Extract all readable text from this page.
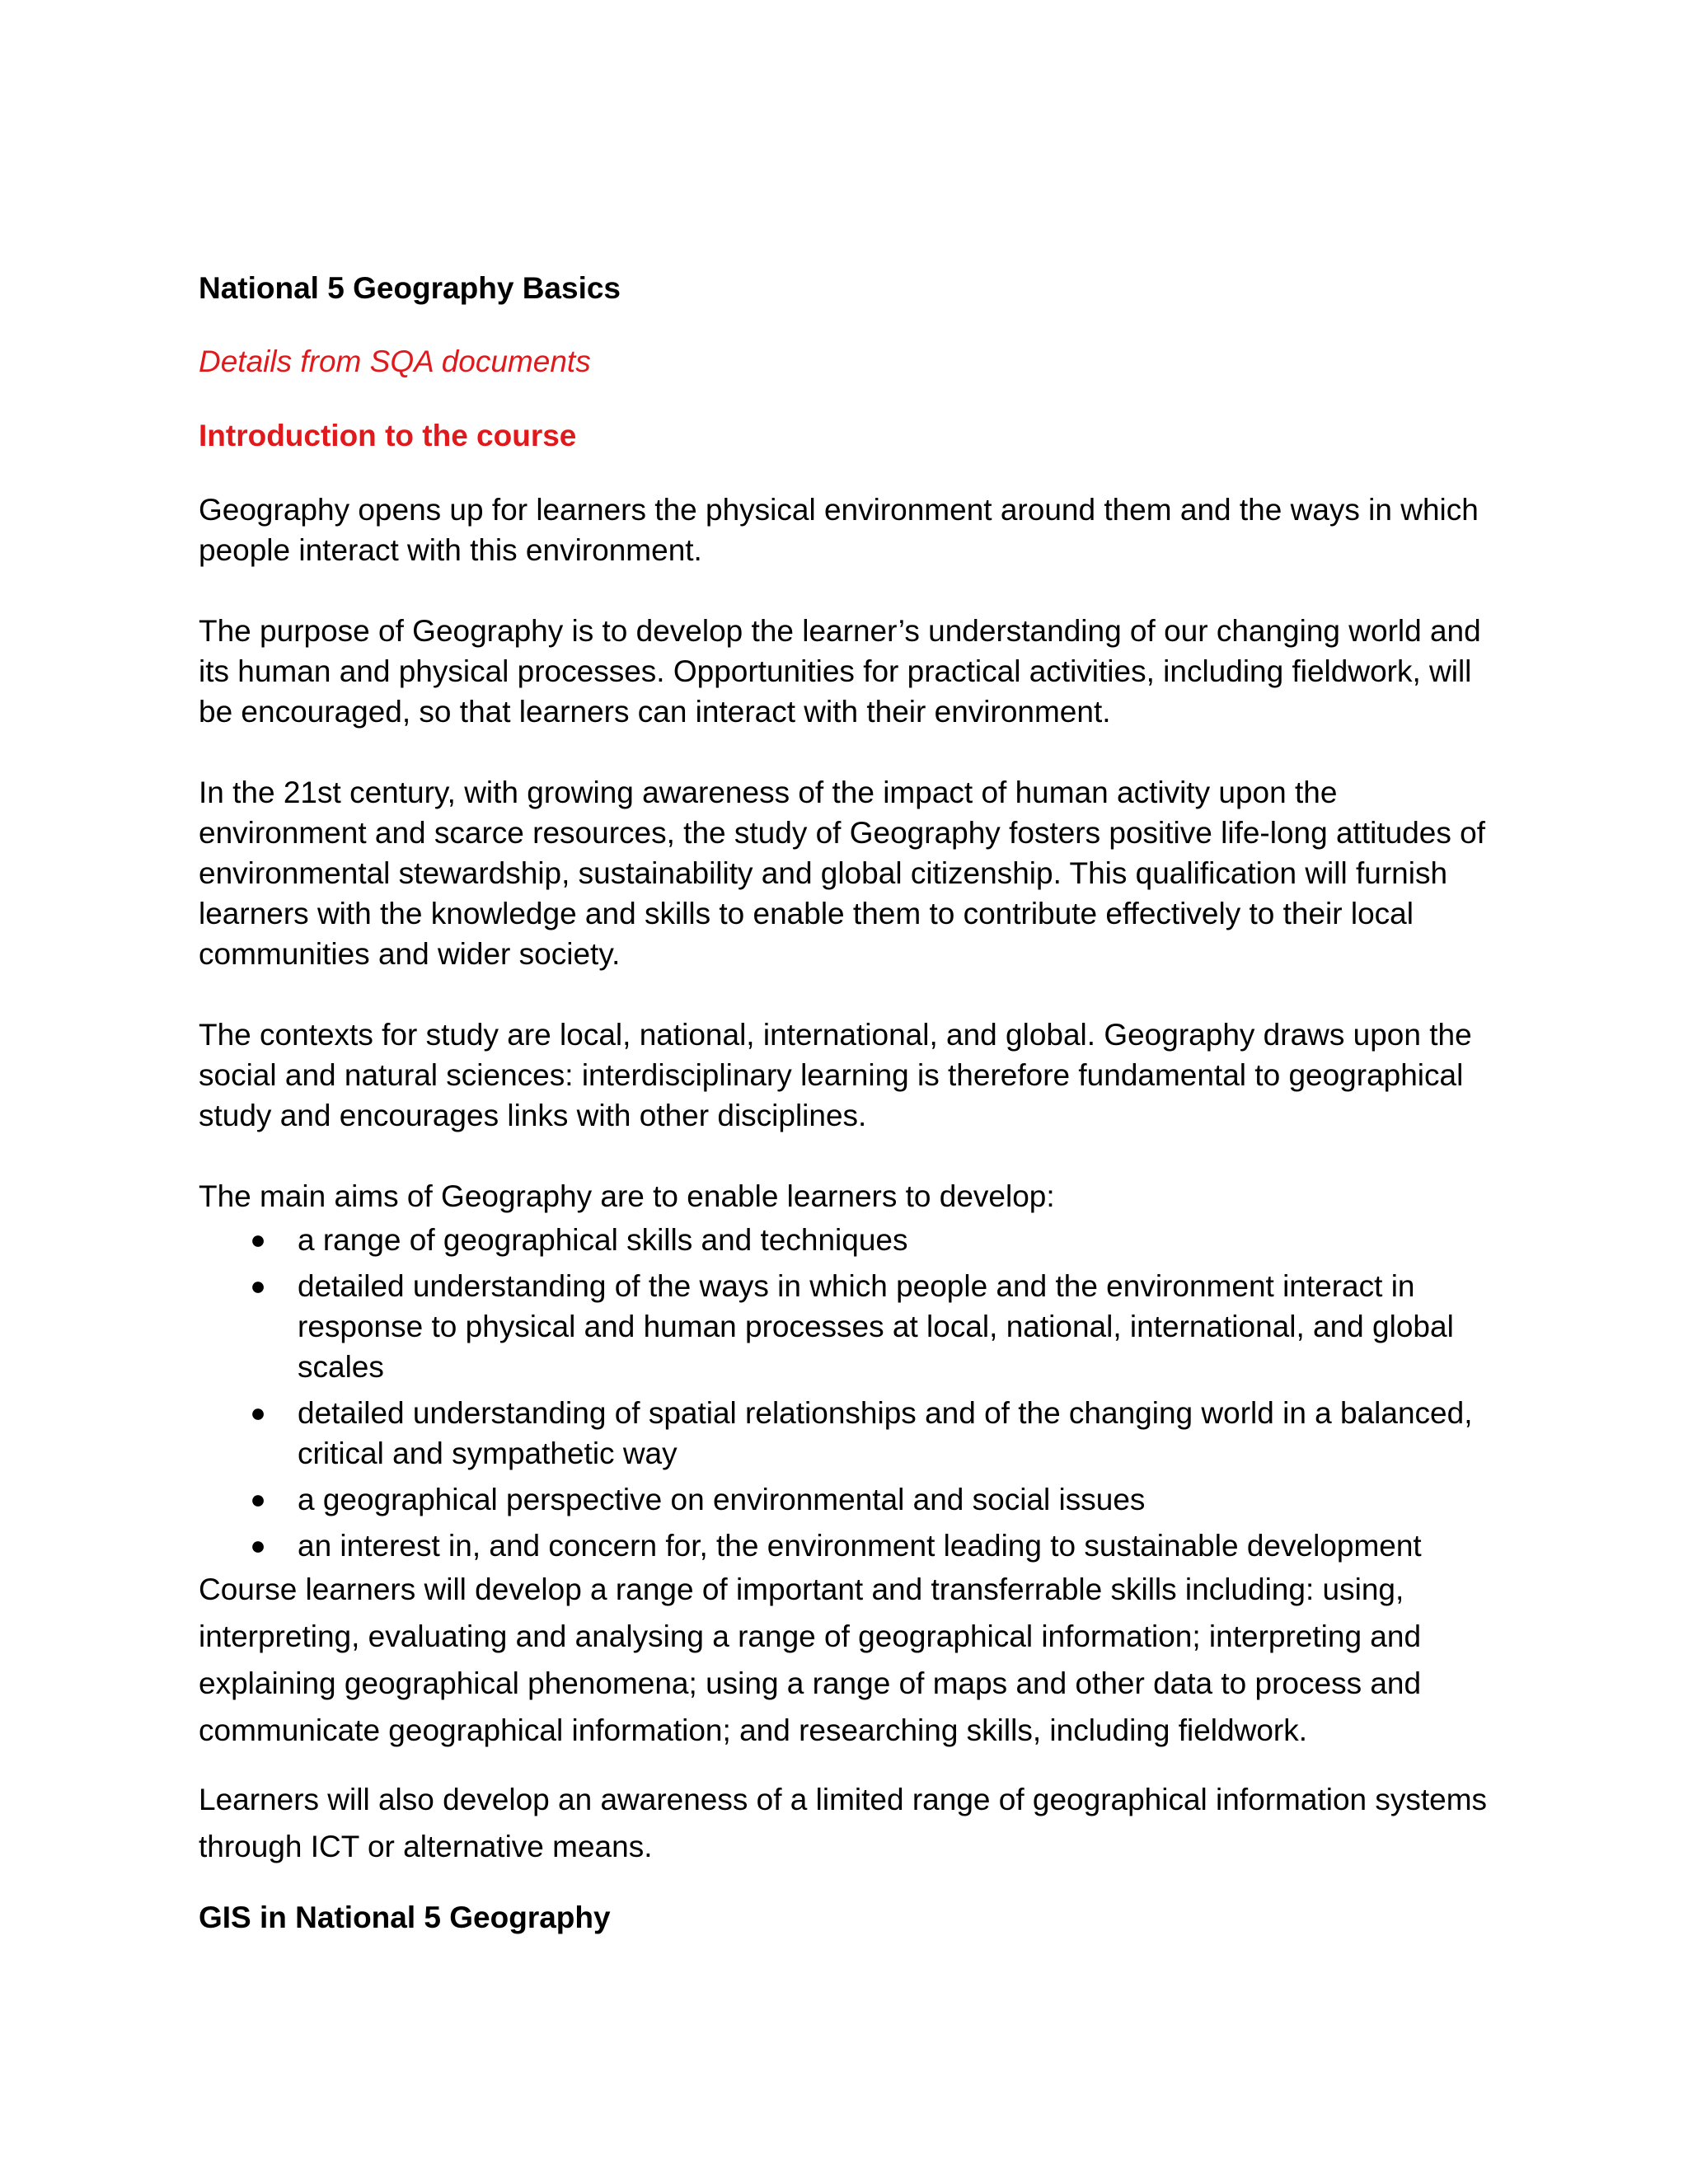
National 5 Geography Basics

Details from SQA documents

Introduction to the course

Geography opens up for learners the physical environment around them and the ways in which people interact with this environment.

The purpose of Geography is to develop the learner’s understanding of our changing world and its human and physical processes. Opportunities for practical activities, including fieldwork, will be encouraged, so that learners can interact with their environment.

In the 21st century, with growing awareness of the impact of human activity upon the environment and scarce resources, the study of Geography fosters positive life-long attitudes of environmental stewardship, sustainability and global citizenship. This qualification will furnish learners with the knowledge and skills to enable them to contribute effectively to their local communities and wider society.

The contexts for study are local, national, international, and global. Geography draws upon the social and natural sciences: interdisciplinary learning is therefore fundamental to geographical study and encourages links with other disciplines.

The main aims of Geography are to enable learners to develop:

● a range of geographical skills and techniques
● detailed understanding of the ways in which people and the environment interact in response to physical and human processes at local, national, international, and global scales
● detailed understanding of spatial relationships and of the changing world in a balanced, critical and sympathetic way
● a geographical perspective on environmental and social issues
● an interest in, and concern for, the environment leading to sustainable development

Course learners will develop a range of important and transferrable skills including: using, interpreting, evaluating and analysing a range of geographical information; interpreting and explaining geographical phenomena; using a range of maps and other data to process and communicate geographical information; and researching skills, including fieldwork.

Learners will also develop an awareness of a limited range of geographical information systems through ICT or alternative means.

GIS in National 5 Geography
